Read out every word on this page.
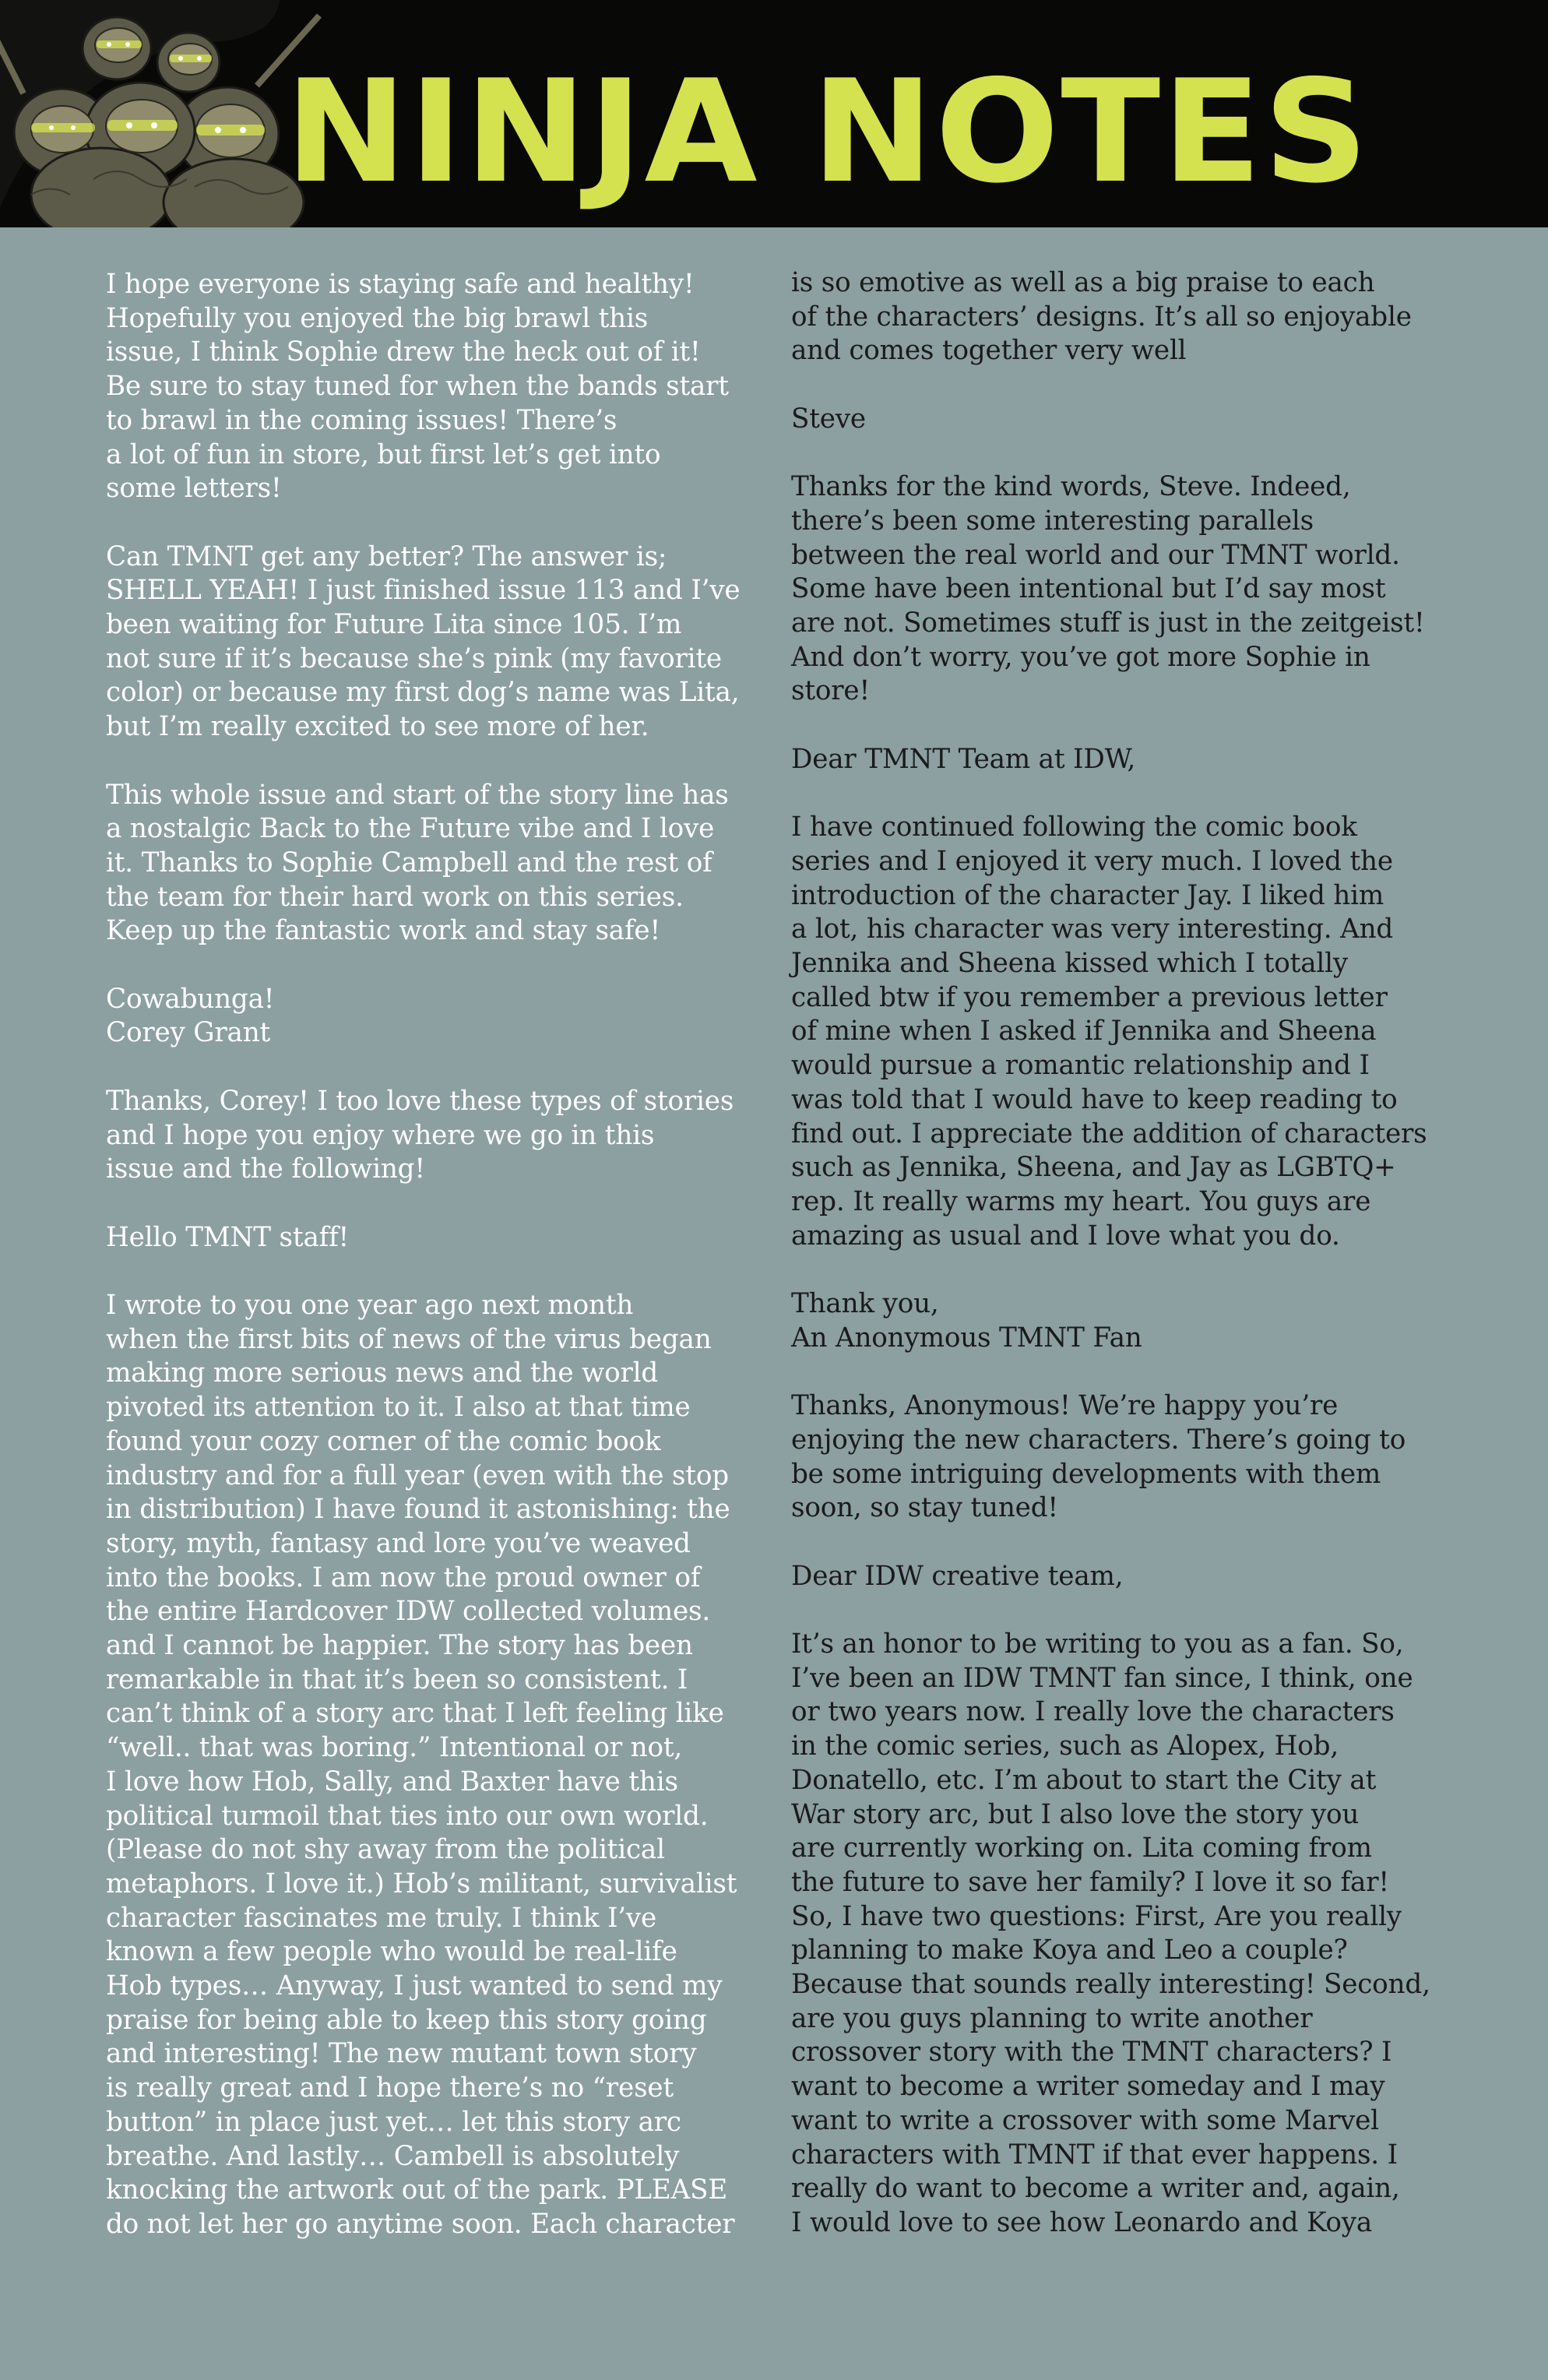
NINJA NOTES

I hope everyone is staying safe and healthy!
Hopefully you enjoyed the big brawl this
issue, I think Sophie drew the heck out of it!
Be sure to stay tuned for when the bands start
to brawl in the coming issues! There’s
a lot of fun in store, but first let’s get into
some letters!

Can TMNT get any better? The answer is;
SHELL YEAH! I just finished issue 113 and I’ve
been waiting for Future Lita since 105. I’m
not sure if it’s because she’s pink (my favorite
color) or because my first dog’s name was Lita,
but I’m really excited to see more of her.

This whole issue and start of the story line has
a nostalgic Back to the Future vibe and I love
it. Thanks to Sophie Campbell and the rest of
the team for their hard work on this series.
Keep up the fantastic work and stay safe!

Cowabunga!
Corey Grant

Thanks, Corey! I too love these types of stories
and I hope you enjoy where we go in this
issue and the following!

Hello TMNT staff!

I wrote to you one year ago next month
when the first bits of news of the virus began
making more serious news and the world
pivoted its attention to it. I also at that time
found your cozy corner of the comic book
industry and for a full year (even with the stop
in distribution) I have found it astonishing: the
story, myth, fantasy and lore you’ve weaved
into the books. I am now the proud owner of
the entire Hardcover IDW collected volumes.
and I cannot be happier. The story has been
remarkable in that it’s been so consistent. I
can’t think of a story arc that I left feeling like
“well.. that was boring.” Intentional or not,
I love how Hob, Sally, and Baxter have this
political turmoil that ties into our own world.
(Please do not shy away from the political
metaphors. I love it.) Hob’s militant, survivalist
character fascinates me truly. I think I’ve
known a few people who would be real-life
Hob types… Anyway, I just wanted to send my
praise for being able to keep this story going
and interesting! The new mutant town story
is really great and I hope there’s no “reset
button” in place just yet… let this story arc
breathe. And lastly… Cambell is absolutely
knocking the artwork out of the park. PLEASE
do not let her go anytime soon. Each character

is so emotive as well as a big praise to each
of the characters’ designs. It’s all so enjoyable
and comes together very well

Steve

Thanks for the kind words, Steve. Indeed,
there’s been some interesting parallels
between the real world and our TMNT world.
Some have been intentional but I’d say most
are not. Sometimes stuff is just in the zeitgeist!
And don’t worry, you’ve got more Sophie in
store!

Dear TMNT Team at IDW,

I have continued following the comic book
series and I enjoyed it very much. I loved the
introduction of the character Jay. I liked him
a lot, his character was very interesting. And
Jennika and Sheena kissed which I totally
called btw if you remember a previous letter
of mine when I asked if Jennika and Sheena
would pursue a romantic relationship and I
was told that I would have to keep reading to
find out. I appreciate the addition of characters
such as Jennika, Sheena, and Jay as LGBTQ+
rep. It really warms my heart. You guys are
amazing as usual and I love what you do.

Thank you,
An Anonymous TMNT Fan

Thanks, Anonymous! We’re happy you’re
enjoying the new characters. There’s going to
be some intriguing developments with them
soon, so stay tuned!

Dear IDW creative team,

It’s an honor to be writing to you as a fan. So,
I’ve been an IDW TMNT fan since, I think, one
or two years now. I really love the characters
in the comic series, such as Alopex, Hob,
Donatello, etc. I’m about to start the City at
War story arc, but I also love the story you
are currently working on. Lita coming from
the future to save her family? I love it so far!
So, I have two questions: First, Are you really
planning to make Koya and Leo a couple?
Because that sounds really interesting! Second,
are you guys planning to write another
crossover story with the TMNT characters? I
want to become a writer someday and I may
want to write a crossover with some Marvel
characters with TMNT if that ever happens. I
really do want to become a writer and, again,
I would love to see how Leonardo and Koya
